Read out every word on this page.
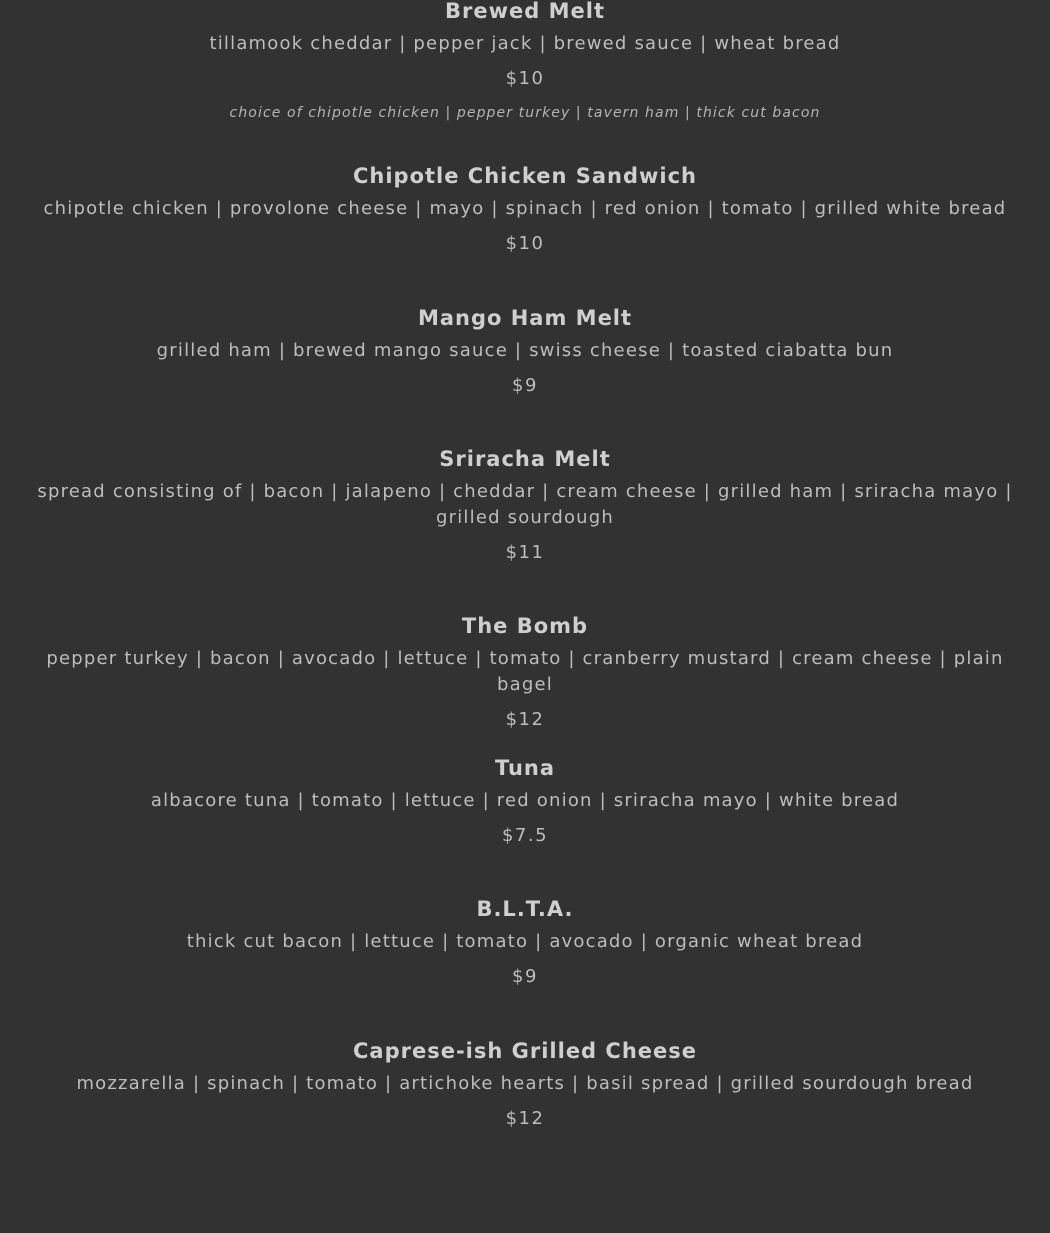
Brewed Melt
tillamook cheddar | pepper jack | brewed sauce | wheat bread
$10
choice of chipotle chicken | pepper turkey | tavern ham | thick cut bacon
Chipotle Chicken Sandwich
chipotle chicken | provolone cheese | mayo | spinach | red onion | tomato | grilled white bread
$10
Mango Ham Melt
grilled ham | brewed mango sauce | swiss cheese | toasted ciabatta bun
$9
Sriracha Melt
spread consisting of | bacon | jalapeno | cheddar | cream cheese | grilled ham | sriracha mayo | grilled sourdough
$11
The Bomb
pepper turkey | bacon | avocado | lettuce | tomato | cranberry mustard | cream cheese | plain bagel
$12
Tuna
albacore tuna | tomato | lettuce | red onion | sriracha mayo | white bread
$7.5
B.L.T.A.
thick cut bacon | lettuce | tomato | avocado | organic wheat bread
$9
Caprese-ish Grilled Cheese
mozzarella | spinach | tomato | artichoke hearts | basil spread | grilled sourdough bread
$12
